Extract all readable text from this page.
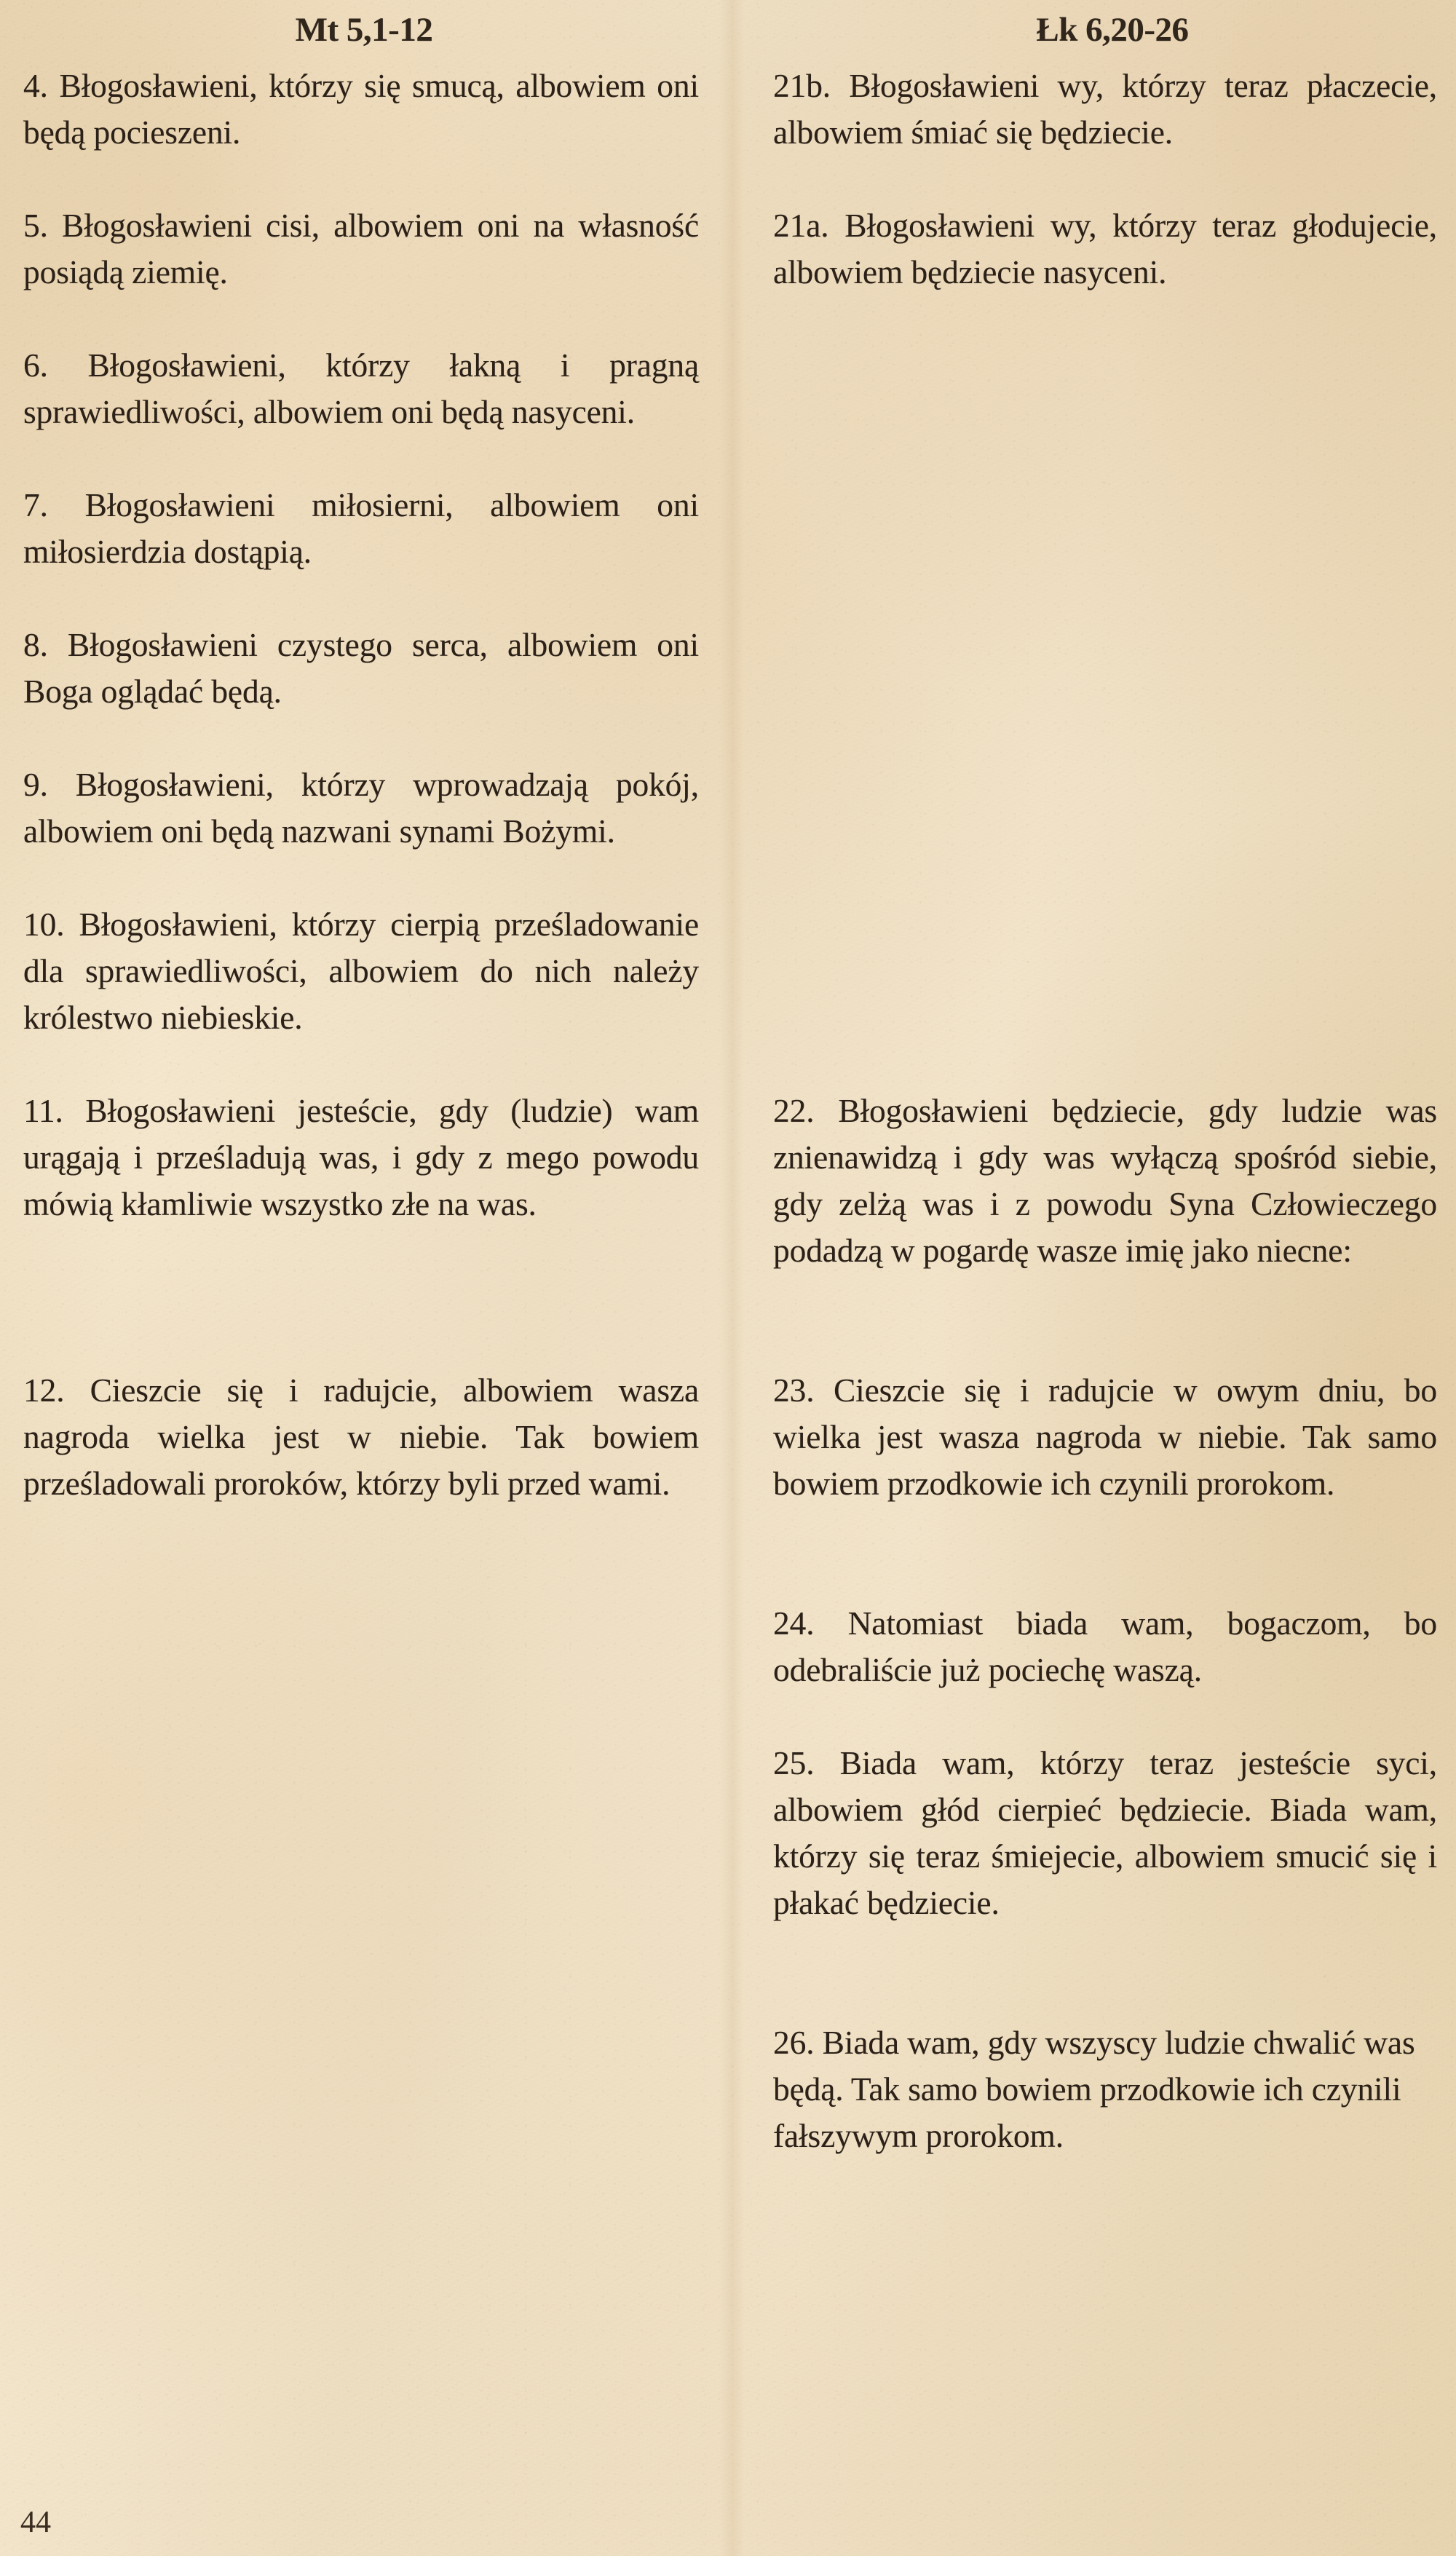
Mt 5,1-12	Łk 6,20-26

4. Błogosławieni, którzy się smucą, albowiem oni będą pocieszeni.

5. Błogosławieni cisi, albowiem oni na własność posiądą ziemię.

6. Błogosławieni, którzy łakną i pragną sprawiedliwości, albowiem oni będą nasyceni.

7. Błogosławieni miłosierni, albowiem oni miłosierdzia dostąpią.

8. Błogosławieni czystego serca, albowiem oni Boga oglądać będą.

9. Błogosławieni, którzy wprowadzają pokój, albowiem oni będą nazwani synami Bożymi.

10. Błogosławieni, którzy cierpią prześladowanie dla sprawiedliwości, albowiem do nich należy królestwo niebieskie.

11. Błogosławieni jesteście, gdy (ludzie) wam urągają i prześladują was, i gdy z mego powodu mówią kłamliwie wszystko złe na was.

12. Cieszcie się i radujcie, albowiem wasza nagroda wielka jest w niebie. Tak bowiem prześladowali proroków, którzy byli przed wami.

21b. Błogosławieni wy, którzy teraz płaczecie, albowiem śmiać się będziecie.

21a. Błogosławieni wy, którzy teraz głodujecie, albowiem będziecie nasyceni.

22. Błogosławieni będziecie, gdy ludzie was znienawidzą i gdy was wyłączą spośród siebie, gdy zelżą was i z powodu Syna Człowieczego podadzą w pogardę wasze imię jako niecne:

23. Cieszcie się i radujcie w owym dniu, bo wielka jest wasza nagroda w niebie. Tak samo bowiem przodkowie ich czynili prorokom.

24. Natomiast biada wam, bogaczom, bo odebraliście już pociechę waszą.

25. Biada wam, którzy teraz jesteście syci, albowiem głód cierpieć będziecie. Biada wam, którzy się teraz śmiejecie, albowiem smucić się i płakać będziecie.

26. Biada wam, gdy wszyscy ludzie chwalić was będą. Tak samo bowiem przodkowie ich czynili fałszywym prorokom.

44
